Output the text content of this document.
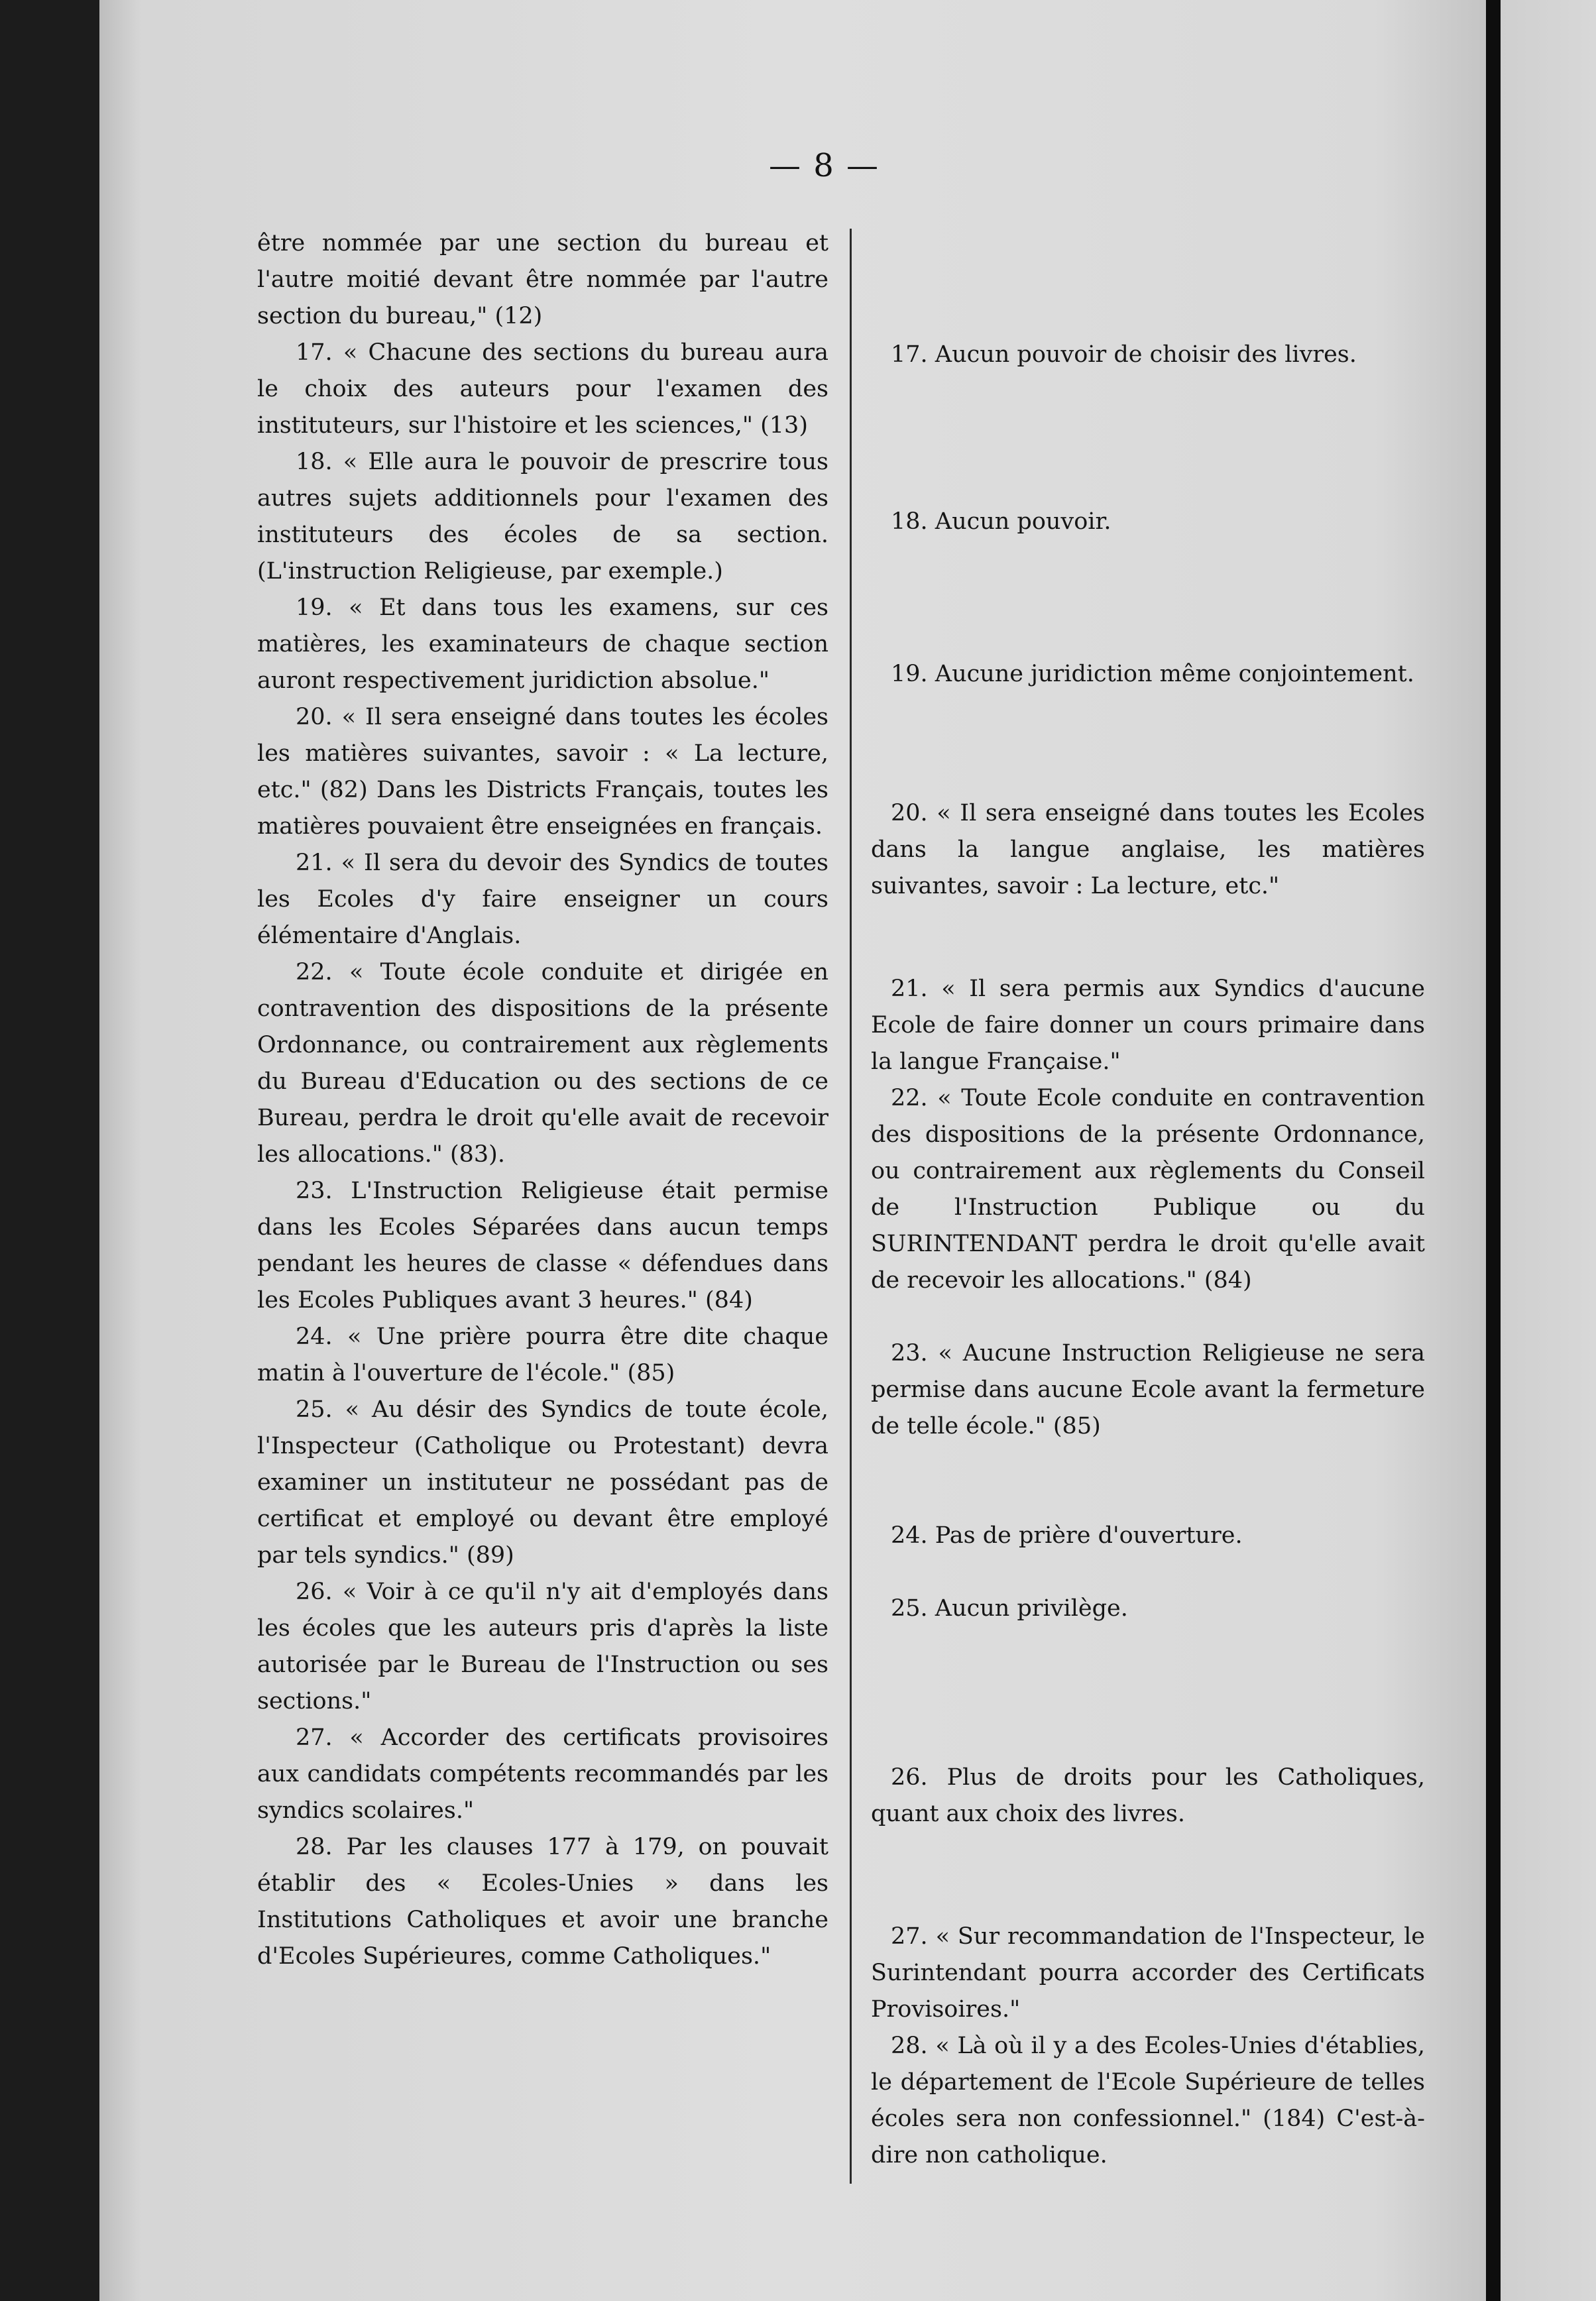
— 8 —

être nommée par une section du bureau et l'autre moitié devant être nommée par l'autre section du bureau," (12)

17. « Chacune des sections du bureau aura le choix des auteurs pour l'examen des instituteurs, sur l'histoire et les sciences," (13)

18. « Elle aura le pouvoir de prescrire tous autres sujets additionnels pour l'examen des instituteurs des écoles de sa section. (L'instruction Religieuse, par exemple.)

19. « Et dans tous les examens, sur ces matières, les examinateurs de chaque section auront respectivement juridiction absolue."

20. « Il sera enseigné dans toutes les écoles les matières suivantes, savoir : « La lecture, etc." (82) Dans les Districts Français, toutes les matières pouvaient être enseignées en français.

21. « Il sera du devoir des Syndics de toutes les Ecoles d'y faire enseigner un cours élémentaire d'Anglais.

22. « Toute école conduite et dirigée en contravention des dispositions de la présente Ordonnance, ou contrairement aux règlements du Bureau d'Education ou des sections de ce Bureau, perdra le droit qu'elle avait de recevoir les allocations." (83).

23. L'Instruction Religieuse était permise dans les Ecoles Séparées dans aucun temps pendant les heures de classe « défendues dans les Ecoles Publiques avant 3 heures." (84)

24. « Une prière pourra être dite chaque matin à l'ouverture de l'école." (85)

25. « Au désir des Syndics de toute école, l'Inspecteur (Catholique ou Protestant) devra examiner un instituteur ne possédant pas de certificat et employé ou devant être employé par tels syndics." (89)

26. « Voir à ce qu'il n'y ait d'employés dans les écoles que les auteurs pris d'après la liste autorisée par le Bureau de l'Instruction ou ses sections."

27. « Accorder des certificats provisoires aux candidats compétents recommandés par les syndics scolaires."

28. Par les clauses 177 à 179, on pouvait établir des « Ecoles-Unies » dans les Institutions Catholiques et avoir une branche d'Ecoles Supérieures, comme Catholiques."

17. Aucun pouvoir de choisir des livres.

18. Aucun pouvoir.

19. Aucune juridiction même conjointement.

20. « Il sera enseigné dans toutes les Ecoles dans la langue anglaise, les matières suivantes, savoir : La lecture, etc."

21. « Il sera permis aux Syndics d'aucune Ecole de faire donner un cours primaire dans la langue Française."

22. « Toute Ecole conduite en contravention des dispositions de la présente Ordonnance, ou contrairement aux règlements du Conseil de l'Instruction Publique ou du SURINTENDANT perdra le droit qu'elle avait de recevoir les allocations." (84)

23. « Aucune Instruction Religieuse ne sera permise dans aucune Ecole avant la fermeture de telle école." (85)

24. Pas de prière d'ouverture.

25. Aucun privilège.

26. Plus de droits pour les Catholiques, quant aux choix des livres.

27. « Sur recommandation de l'Inspecteur, le Surintendant pourra accorder des Certificats Provisoires."

28. « Là où il y a des Ecoles-Unies d'établies, le département de l'Ecole Supérieure de telles écoles sera non confessionnel." (184) C'est-à-dire non catholique.
